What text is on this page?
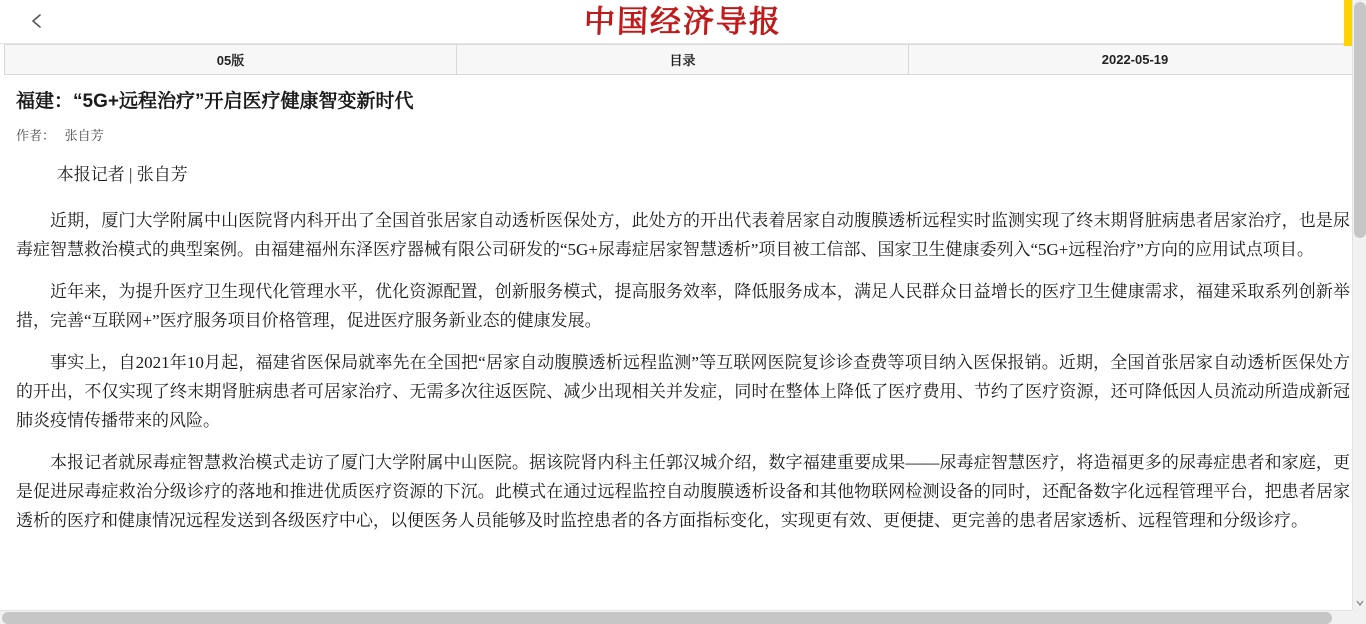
中国经济导报
05版	目录	2022-05-19
福建：“5G+远程治疗”开启医疗健康智变新时代
作者： 张自芳

本报记者 | 张自芳

近期，厦门大学附属中山医院肾内科开出了全国首张居家自动透析医保处方，此处方的开出代表着居家自动腹膜透析远程实时监测实现了终末期肾脏病患者居家治疗，也是尿毒症智慧救治模式的典型案例。由福建福州东泽医疗器械有限公司研发的“5G+尿毒症居家智慧透析”项目被工信部、国家卫生健康委列入“5G+远程治疗”方向的应用试点项目。

近年来，为提升医疗卫生现代化管理水平，优化资源配置，创新服务模式，提高服务效率，降低服务成本，满足人民群众日益增长的医疗卫生健康需求，福建采取系列创新举措，完善“互联网+”医疗服务项目价格管理，促进医疗服务新业态的健康发展。

事实上，自2021年10月起，福建省医保局就率先在全国把“居家自动腹膜透析远程监测”等互联网医院复诊诊查费等项目纳入医保报销。近期，全国首张居家自动透析医保处方的开出，不仅实现了终末期肾脏病患者可居家治疗、无需多次往返医院、减少出现相关并发症，同时在整体上降低了医疗费用、节约了医疗资源，还可降低因人员流动所造成新冠肺炎疫情传播带来的风险。

本报记者就尿毒症智慧救治模式走访了厦门大学附属中山医院。据该院肾内科主任郭汉城介绍，数字福建重要成果——尿毒症智慧医疗，将造福更多的尿毒症患者和家庭，更是促进尿毒症救治分级诊疗的落地和推进优质医疗资源的下沉。此模式在通过远程监控自动腹膜透析设备和其他物联网检测设备的同时，还配备数字化远程管理平台，把患者居家透析的医疗和健康情况远程发送到各级医疗中心，以便医务人员能够及时监控患者的各方面指标变化，实现更有效、更便捷、更完善的患者居家透析、远程管理和分级诊疗。
